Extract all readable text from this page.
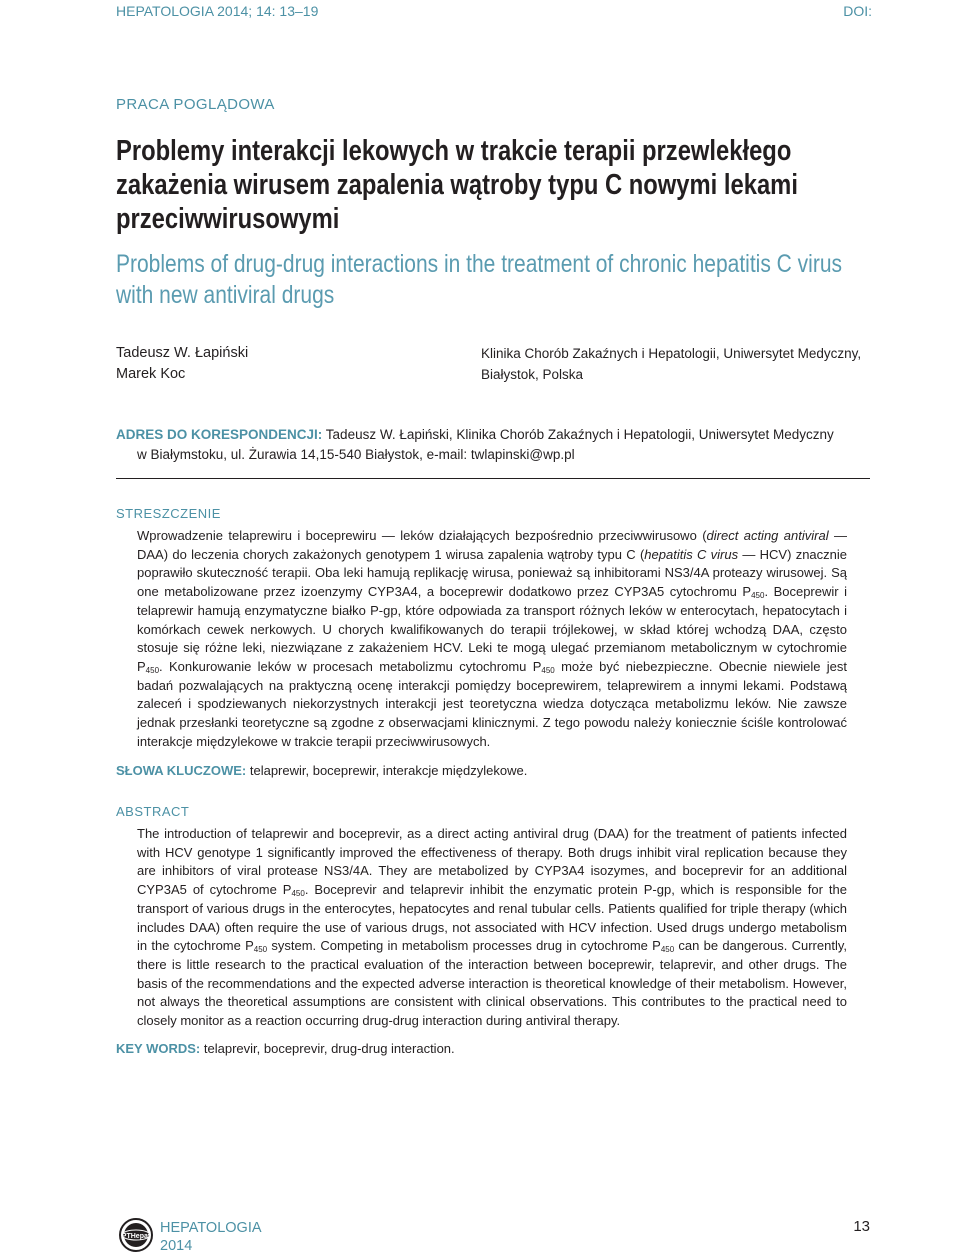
HEPATOLOGIA 2014; 14: 13–19	DOI:
PRACA POGLĄDOWA
Problemy interakcji lekowych w trakcie terapii przewlekłego
zakażenia wirusem zapalenia wątroby typu C nowymi lekami
przeciwwirusowymi
Problems of drug-drug interactions in the treatment of chronic hepatitis C virus
with new antiviral drugs
Tadeusz W. Łapiński
Marek Koc
Klinika Chorób Zakaźnych i Hepatologii, Uniwersytet Medyczny,
Białystok, Polska
ADRES DO KORESPONDENCJI: Tadeusz W. Łapiński, Klinika Chorób Zakaźnych i Hepatologii, Uniwersytet Medyczny
w Białymstoku, ul. Żurawia 14,15-540 Białystok, e-mail: twlapinski@wp.pl
STRESZCZENIE

Wprowadzenie telaprewiru i boceprewiru — leków działających bezpośrednio przeciwwirusowo (direct acting antiviral — DAA) do leczenia chorych zakażonych genotypem 1 wirusa zapalenia wątroby typu C (hepatitis C virus — HCV) znacznie poprawiło skuteczność terapii. Oba leki hamują replikację wirusa, ponieważ są inhibitorami NS3/4A proteazy wirusowej. Są one metabolizowane przez izoenzymy CYP3A4, a boceprewir dodatkowo przez CYP3A5 cytochromu $P_{450}$. Boceprewir i telaprewir hamują enzymatyczne białko P-gp, które odpowiada za transport różnych leków w enterocytach, hepatocytach i komórkach cewek nerkowych. U chorych kwalifikowanych do terapii trójlekowej, w skład której wchodzą DAA, często stosuje się różne leki, niezwiązane z zakażeniem HCV. Leki te mogą ulegać przemianom metabolicznym w cytochromie $P_{450}$. Konkurowanie leków w procesach metabolizmu cytochromu $P_{450}$ może być niebezpieczne. Obecnie niewiele jest badań pozwalających na praktyczną ocenę interakcji pomiędzy boceprewirem, telaprewirem a innymi lekami. Podstawą zaleceń i spodziewanych niekorzystnych interakcji jest teoretyczna wiedza dotycząca metabolizmu leków. Nie zawsze jednak przesłanki teoretyczne są zgodne z obserwacjami klinicznymi. Z tego powodu należy koniecznie ściśle kontrolować interakcje międzylekowe w trakcie terapii przeciwwirusowych.

SŁOWA KLUCZOWE: telaprewir, boceprewir, interakcje międzylekowe.
ABSTRACT

The introduction of telaprewir and boceprevir, as a direct acting antiviral drug (DAA) for the treatment of patients infected with HCV genotype 1 significantly improved the effectiveness of therapy. Both drugs inhibit viral replication because they are inhibitors of viral protease NS3/4A. They are metabolized by CYP3A4 isozymes, and boceprevir for an additional CYP3A5 of cytochrome $P_{450}$. Boceprevir and telaprevir inhibit the enzymatic protein P-gp, which is responsible for the transport of various drugs in the enterocytes, hepatocytes and renal tubular cells. Patients qualified for triple therapy (which includes DAA) often require the use of various drugs, not associated with HCV infection. Used drugs undergo metabolism in the cytochrome $P_{450}$ system. Competing in metabolism processes drug in cytochrome $P_{450}$ can be dangerous. Currently, there is little research to the practical evaluation of the interaction between boceprewir, telaprevir, and other drugs. The basis of the recommendations and the expected adverse interaction is theoretical knowledge of their metabolism. However, not always the theoretical assumptions are consistent with clinical observations. This contributes to the practical need to closely monitor as a reaction occurring drug-drug interaction during antiviral therapy.

KEY WORDS: telaprevir, boceprevir, drug-drug interaction.
PTHepat
HEPATOLOGIA
2014
13
